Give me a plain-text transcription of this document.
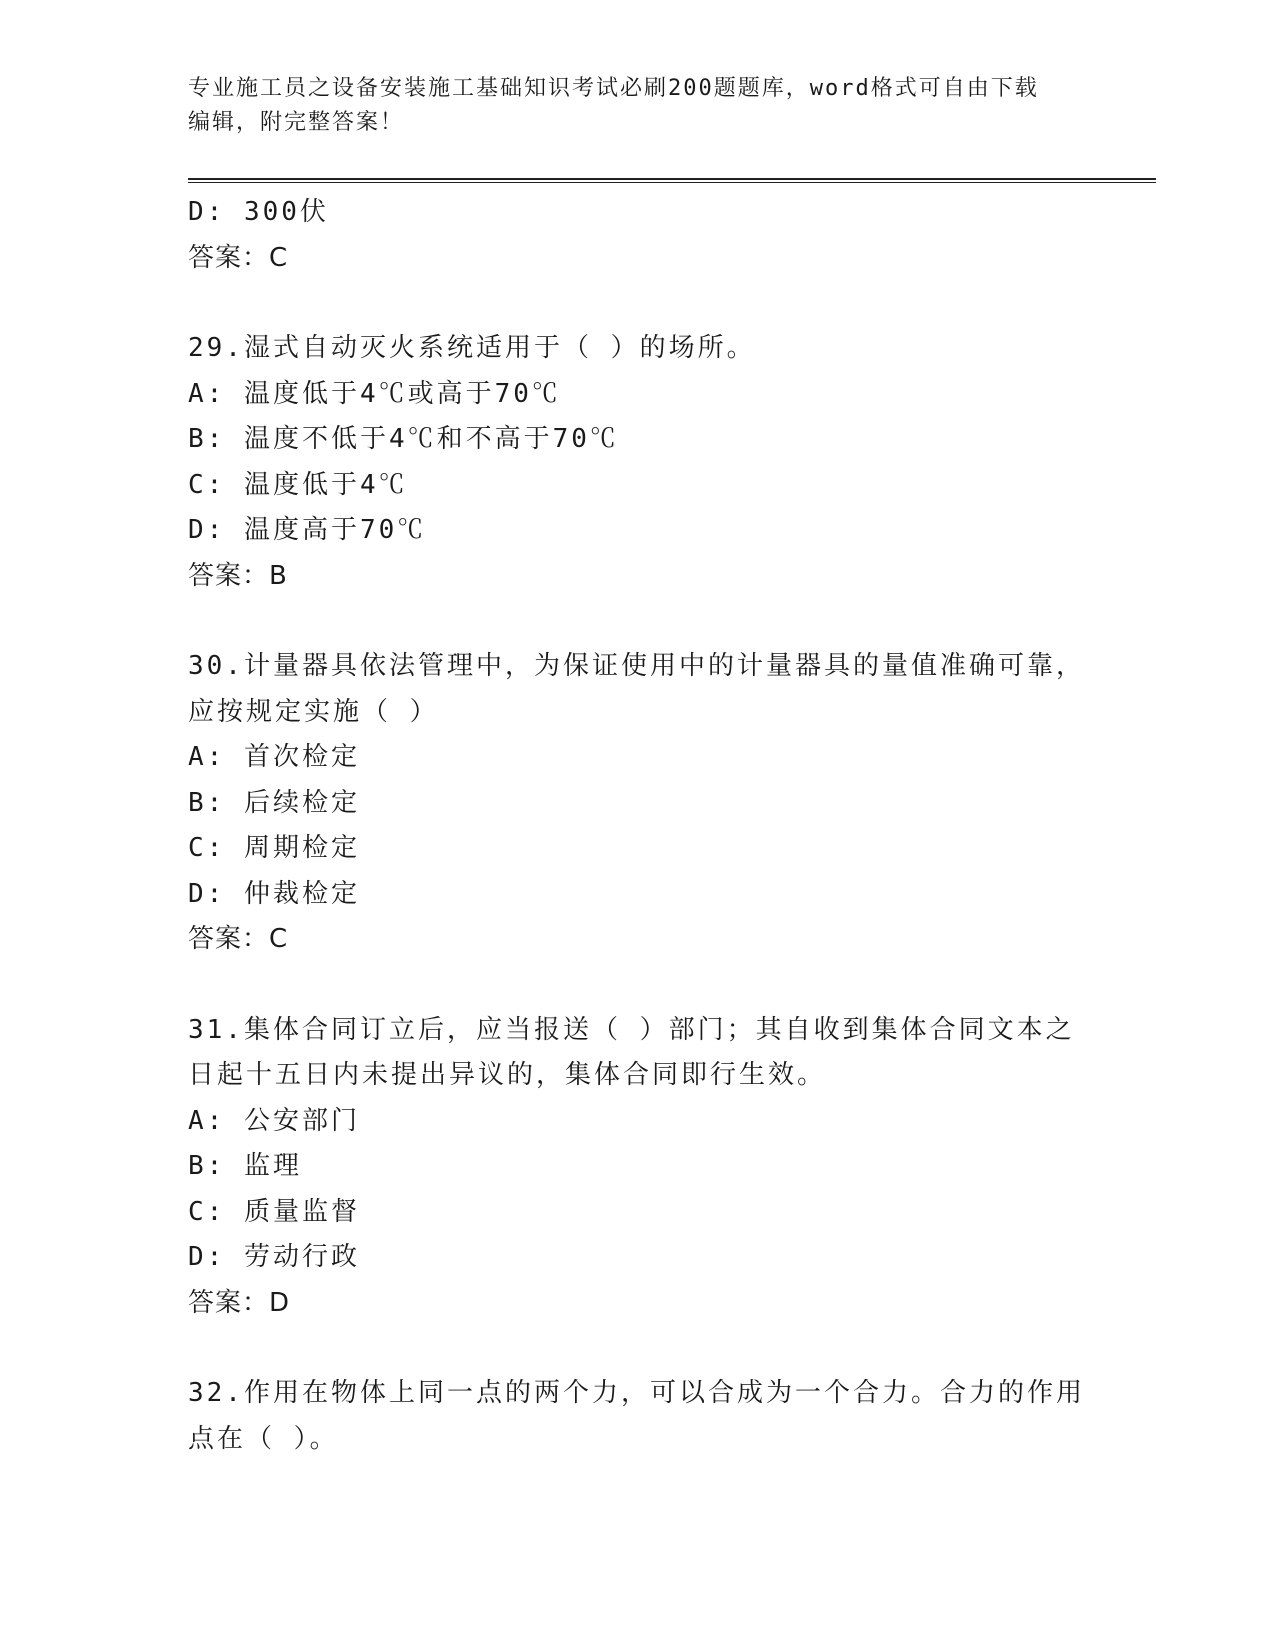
专业施工员之设备安装施工基础知识考试必刷200题题库，word格式可自由下载
编辑，附完整答案！
D: 300伏
答案：C
29.湿式自动灭火系统适用于（ ）的场所。
A: 温度低于4℃或高于70℃
B: 温度不低于4℃和不高于70℃
C: 温度低于4℃
D: 温度高于70℃
答案：B
30.计量器具依法管理中，为保证使用中的计量器具的量值准确可靠，
应按规定实施（ ）
A: 首次检定
B: 后续检定
C: 周期检定
D: 仲裁检定
答案：C
31.集体合同订立后，应当报送（ ）部门；其自收到集体合同文本之
日起十五日内未提出异议的，集体合同即行生效。
A: 公安部门
B: 监理
C: 质量监督
D: 劳动行政
答案：D
32.作用在物体上同一点的两个力，可以合成为一个合力。合力的作用
点在（ ）。
